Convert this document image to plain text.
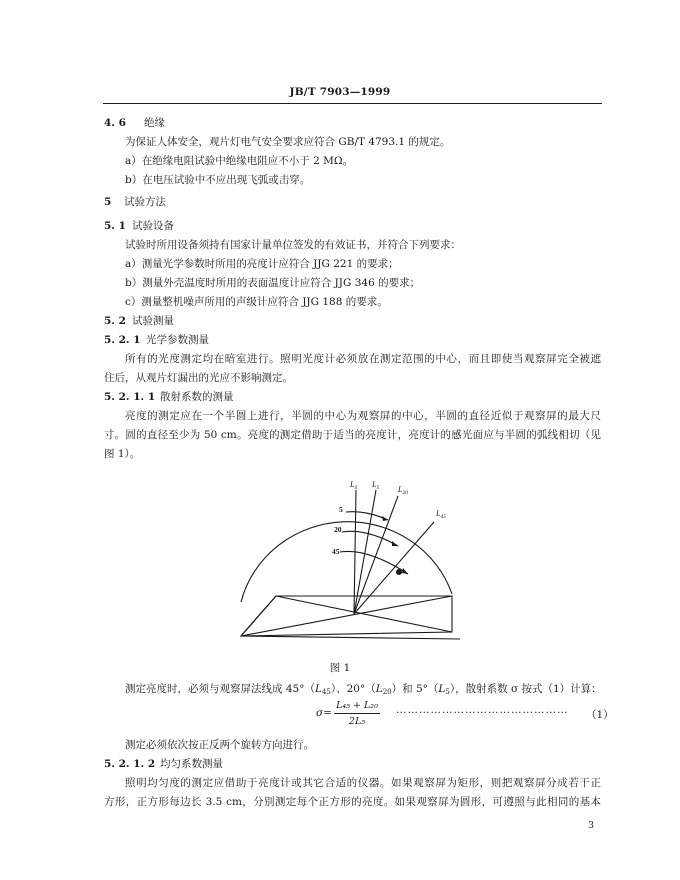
JB/T 7903—1999
4. 6 绝缘
为保证人体安全，观片灯电气安全要求应符合 GB/T 4793.1 的规定。
a）在绝缘电阻试验中绝缘电阻应不小于 2 MΩ。
b）在电压试验中不应出现飞弧或击穿。
5 试验方法
5. 1 试验设备
试验时所用设备须持有国家计量单位签发的有效证书，并符合下列要求：
a）测量光学参数时所用的亮度计应符合 JJG 221 的要求；
b）测量外壳温度时所用的表面温度计应符合 JJG 346 的要求；
c）测量整机噪声所用的声级计应符合 JJG 188 的要求。
5. 2 试验测量
5. 2. 1 光学参数测量
所有的光度测定均在暗室进行。照明光度计必须放在测定范围的中心，而且即使当观察屏完全被遮
住后，从观片灯漏出的光应不影响测定。
5. 2. 1. 1 散射系数的测量
亮度的测定应在一个半圆上进行，半圆的中心为观察屏的中心，半圆的直径近似于观察屏的最大尺
寸。圆的直径至少为 50 cm。亮度的测定借助于适当的亮度计，亮度计的感光面应与半圆的弧线相切（见
图 1）。
$L_0$ $L_5$ $L_{20}$
$L_{45}$
5
20
45
图 1
测定亮度时，必须与观察屏法线成 $45^\circ(L_{45})$、$20^\circ(L_{20})$和 $5^\circ(L_5)$，散射系数 σ 按式（1）计算：
σ=
L₄₅ + L₂₀
2L₅
……………………………………… （1）
测定必须依次按正反两个旋转方向进行。
5. 2. 1. 2 均匀系数测量
照明均匀度的测定应借助于亮度计或其它合适的仪器。如果观察屏为矩形，则把观察屏分成若干正
方形，正方形每边长 3.5 cm，分别测定每个正方形的亮度。如果观察屏为圆形，可遵照与此相同的基本
3
